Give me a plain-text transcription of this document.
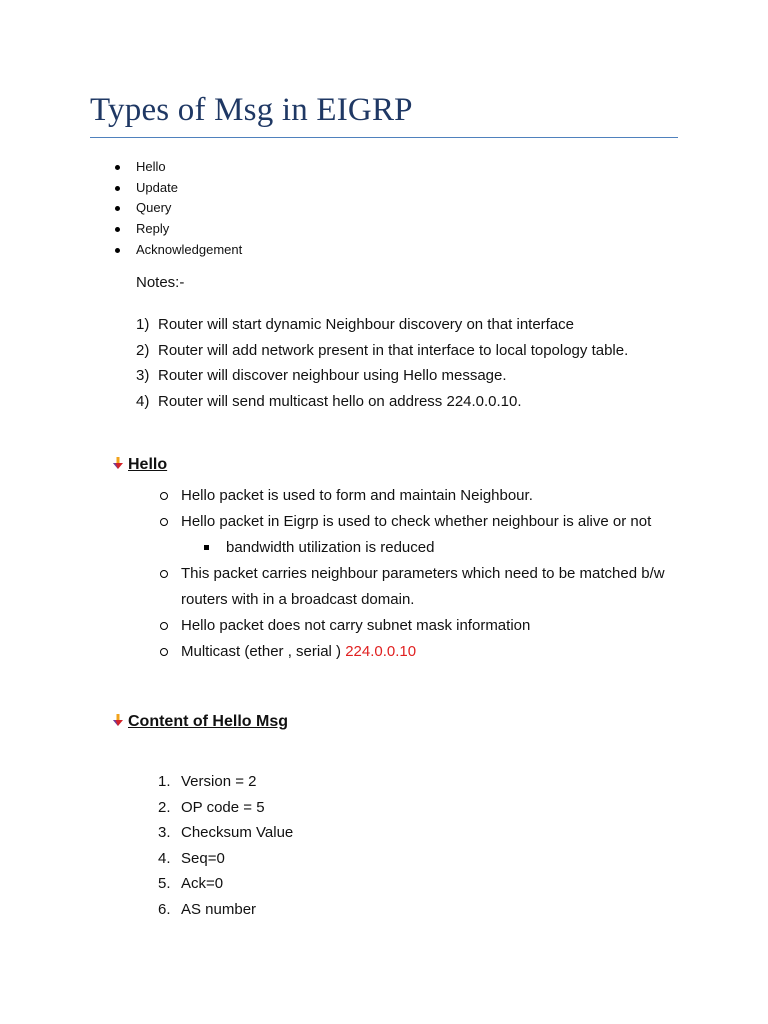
Types of Msg in EIGRP
Hello
Update
Query
Reply
Acknowledgement
Notes:-
1) Router will start dynamic Neighbour discovery on that interface
2) Router will add network present in that interface to local topology table.
3) Router will discover neighbour using Hello message.
4) Router will send multicast hello on address 224.0.0.10.
Hello
Hello packet is used to form and maintain Neighbour.
Hello packet in Eigrp is used to check whether neighbour is alive or not
bandwidth utilization is reduced
This packet carries neighbour parameters which need to be matched b/w routers with in a broadcast domain.
Hello packet does not carry subnet mask information
Multicast (ether , serial ) 224.0.0.10
Content of Hello Msg
1. Version = 2
2. OP code = 5
3. Checksum Value
4. Seq=0
5. Ack=0
6. AS number
